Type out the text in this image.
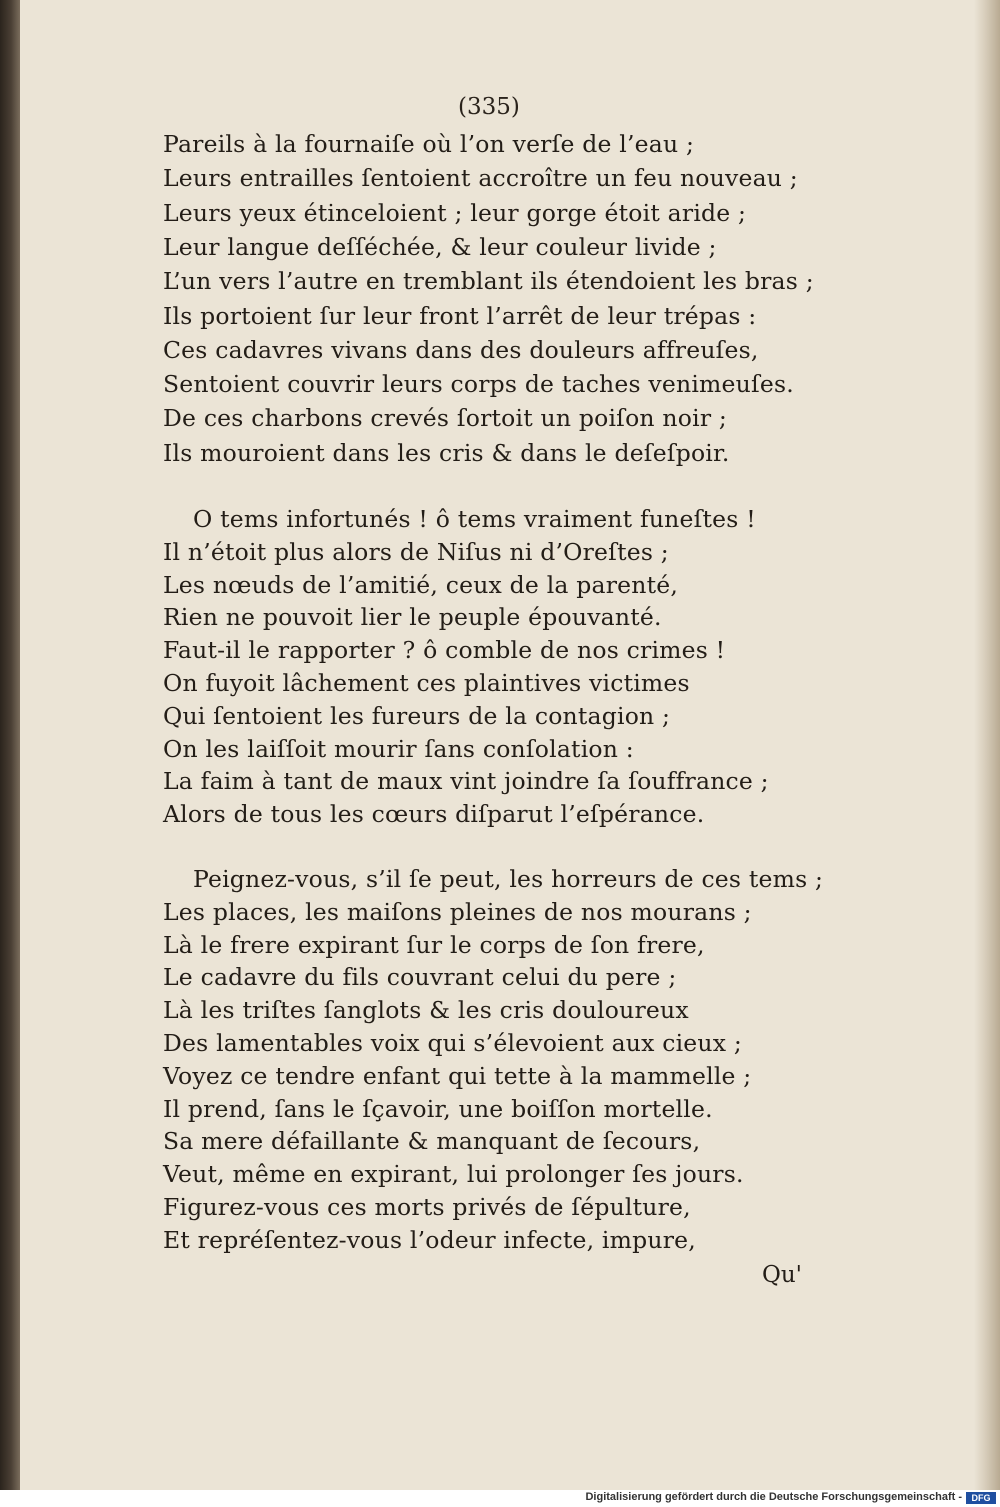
(335)
Pareils à la fournaiſe où l’on verſe de l’eau ;
Leurs entrailles ſentoient accroître un feu nouveau ;
Leurs yeux étinceloient ; leur gorge étoit aride ;
Leur langue deſſéchée, & leur couleur livide ;
L’un vers l’autre en tremblant ils étendoient les bras ;
Ils portoient ſur leur front l’arrêt de leur trépas :
Ces cadavres vivans dans des douleurs affreuſes,
Sentoient couvrir leurs corps de taches venimeuſes.
De ces charbons crevés ſortoit un poiſon noir ;
Ils mouroient dans les cris & dans le deſeſpoir.
O tems infortunés ! ô tems vraiment funeſtes !
Il n’étoit plus alors de Niſus ni d’Oreſtes ;
Les nœuds de l’amitié, ceux de la parenté,
Rien ne pouvoit lier le peuple épouvanté.
Faut-il le rapporter ? ô comble de nos crimes !
On fuyoit lâchement ces plaintives victimes
Qui ſentoient les fureurs de la contagion ;
On les laiſſoit mourir ſans conſolation :
La faim à tant de maux vint joindre ſa ſouffrance ;
Alors de tous les cœurs diſparut l’eſpérance.
Peignez-vous, s’il ſe peut, les horreurs de ces tems ;
Les places, les maiſons pleines de nos mourans ;
Là le frere expirant ſur le corps de ſon frere,
Le cadavre du fils couvrant celui du pere ;
Là les triſtes ſanglots & les cris douloureux
Des lamentables voix qui s’élevoient aux cieux ;
Voyez ce tendre enfant qui tette à la mammelle ;
Il prend, ſans le ſçavoir, une boiſſon mortelle.
Sa mere défaillante & manquant de ſecours,
Veut, même en expirant, lui prolonger ſes jours.
Figurez-vous ces morts privés de ſépulture,
Et repréſentez-vous l’odeur infecte, impure,
Qu'
Digitalisierung gefördert durch die Deutsche Forschungsgemeinschaft -	DFG
